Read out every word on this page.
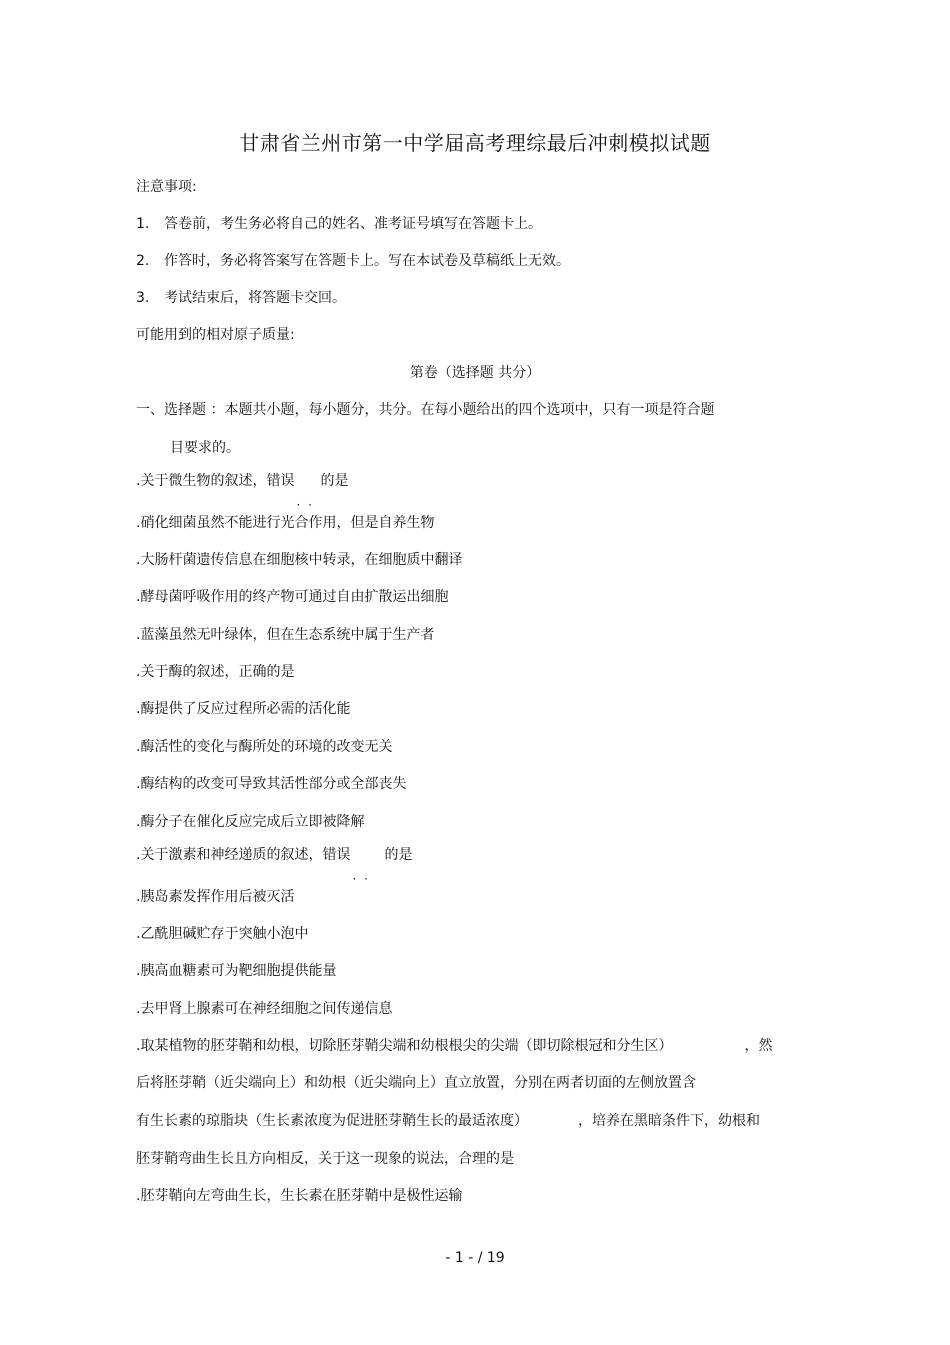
甘肃省兰州市第一中学届高考理综最后冲刺模拟试题
注意事项:
1. 答卷前，考生务必将自己的姓名、准考证号填写在答题卡上。
2. 作答时，务必将答案写在答题卡上。写在本试卷及草稿纸上无效。
3. 考试结束后，将答题卡交回。
可能用到的相对原子质量:
第卷（选择题 共分）
一、选择题 ：本题共小题，每小题分，共分。在每小题给出的四个选项中，只有一项是符合题
目要求的。
.关于微生物的叙述，错误 的是
.硝化细菌虽然不能进行光合作用，但是自养生物
.大肠杆菌遗传信息在细胞核中转录，在细胞质中翻译
.酵母菌呼吸作用的终产物可通过自由扩散运出细胞
.蓝藻虽然无叶绿体，但在生态系统中属于生产者
.关于酶的叙述，正确的是
.酶提供了反应过程所必需的活化能
.酶活性的变化与酶所处的环境的改变无关
.酶结构的改变可导致其活性部分或全部丧失
.酶分子在催化反应完成后立即被降解
.关于激素和神经递质的叙述，错误 的是
.胰岛素发挥作用后被灭活
.乙酰胆碱贮存于突触小泡中
.胰高血糖素可为靶细胞提供能量
.去甲肾上腺素可在神经细胞之间传递信息
.取某植物的胚芽鞘和幼根，切除胚芽鞘尖端和幼根根尖的尖端（即切除根冠和分生区）	，然
后将胚芽鞘（近尖端向上）和幼根（近尖端向上）直立放置，分别在两者切面的左侧放置含
有生长素的琼脂块（生长素浓度为促进胚芽鞘生长的最适浓度）	，培养在黑暗条件下，幼根和
胚芽鞘弯曲生长且方向相反，关于这一现象的说法，合理的是
.胚芽鞘向左弯曲生长，生长素在胚芽鞘中是极性运输
- 1 - / 19
